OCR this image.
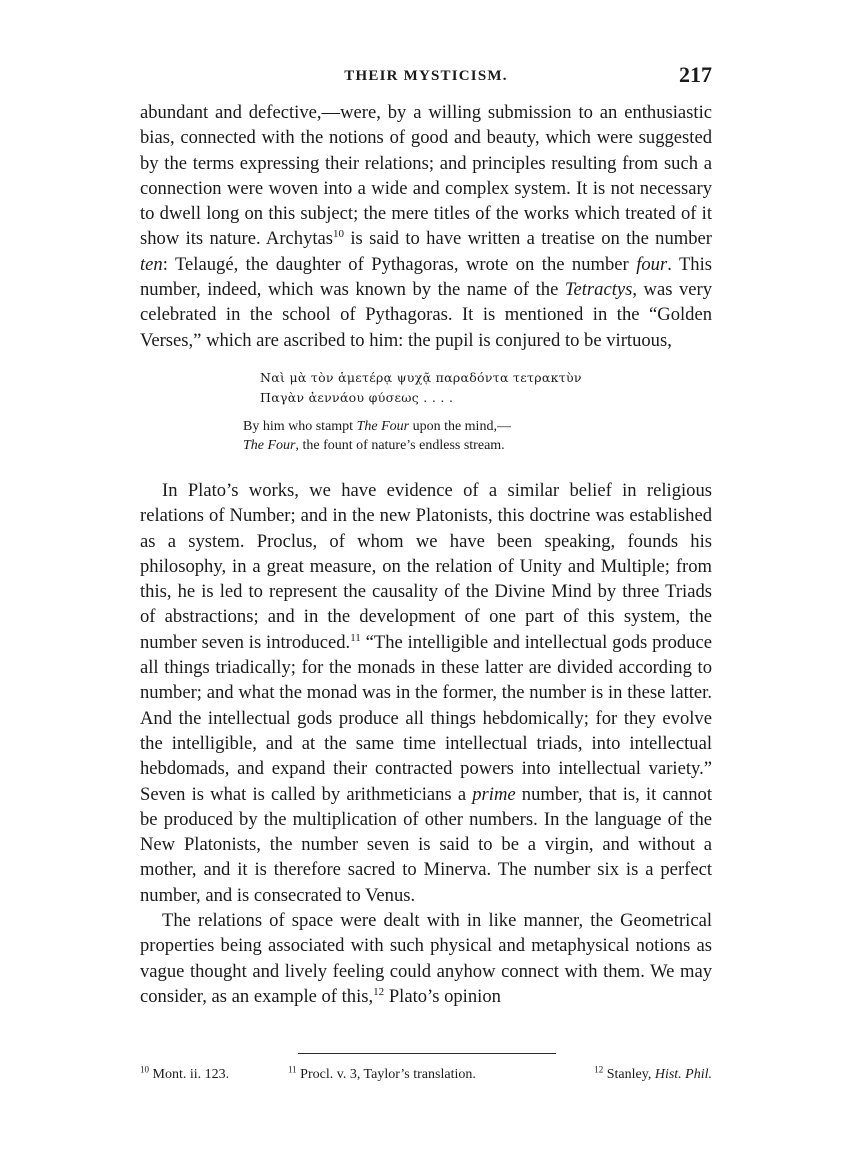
THEIR MYSTICISM.	217

abundant and defective,—were, by a willing submission to an enthusiastic bias, connected with the notions of good and beauty, which were suggested by the terms expressing their relations; and principles resulting from such a connection were woven into a wide and complex system. It is not necessary to dwell long on this subject; the mere titles of the works which treated of it show its nature. Archytas$^{10}$ is said to have written a treatise on the number ten: Telaugé, the daughter of Pythagoras, wrote on the number four. This number, indeed, which was known by the name of the Tetractys, was very celebrated in the school of Pythagoras. It is mentioned in the “Golden Verses,” which are ascribed to him: the pupil is conjured to be virtuous,

Ναὶ μὰ τὸν ἁμετέρᾳ ψυχᾷ παραδόντα τετρακτὺν
Παγὰν ἀεννάου φύσεως . . . .
By him who stampt The Four upon the mind,—
The Four, the fount of nature’s endless stream.

In Plato’s works, we have evidence of a similar belief in religious relations of Number; and in the new Platonists, this doctrine was established as a system. Proclus, of whom we have been speaking, founds his philosophy, in a great measure, on the relation of Unity and Multiple; from this, he is led to represent the causality of the Divine Mind by three Triads of abstractions; and in the development of one part of this system, the number seven is introduced.$^{11}$ “The intelligible and intellectual gods produce all things triadically; for the monads in these latter are divided according to number; and what the monad was in the former, the number is in these latter. And the intellectual gods produce all things hebdomically; for they evolve the intelligible, and at the same time intellectual triads, into intellectual hebdomads, and expand their contracted powers into intellectual variety.” Seven is what is called by arithmeticians a prime number, that is, it cannot be produced by the multiplication of other numbers. In the language of the New Platonists, the number seven is said to be a virgin, and without a mother, and it is therefore sacred to Minerva. The number six is a perfect number, and is consecrated to Venus.

The relations of space were dealt with in like manner, the Geometrical properties being associated with such physical and metaphysical notions as vague thought and lively feeling could anyhow connect with them. We may consider, as an example of this,$^{12}$ Plato’s opinion

$^{10}$ Mont. ii. 123.	$^{11}$ Procl. v. 3, Taylor’s translation.	$^{12}$ Stanley, Hist. Phil.
